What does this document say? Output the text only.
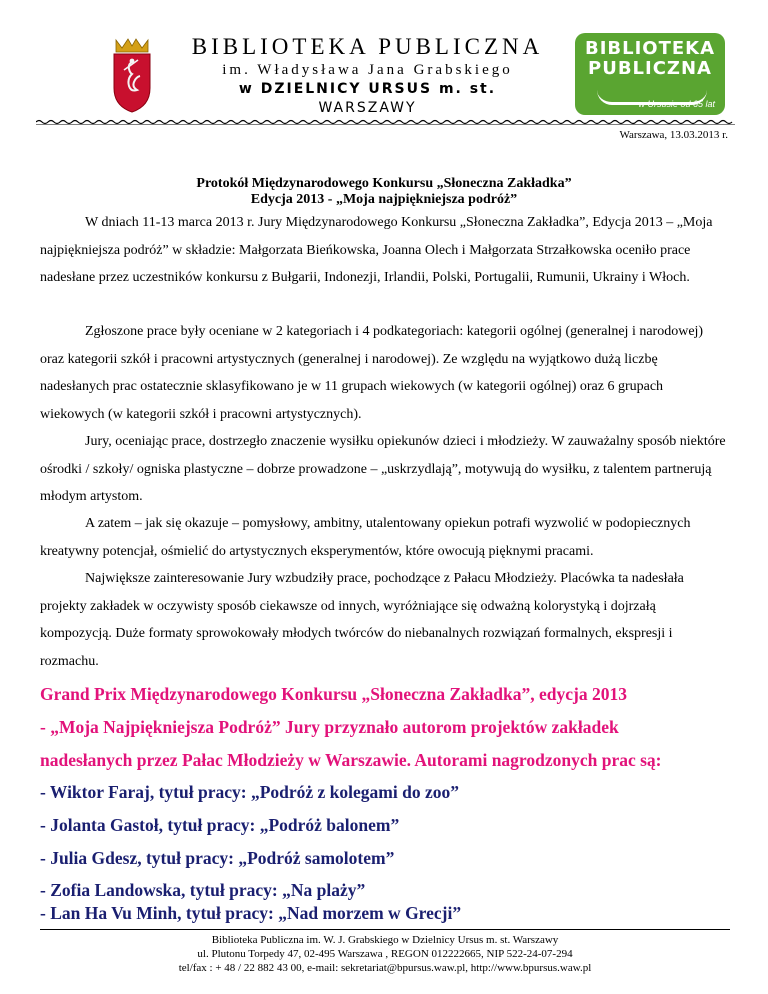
BIBLIOTEKA PUBLICZNA
im. Władysława Jana Grabskiego
w DZIELNICY URSUS m. st.
WARSZAWY
BIBLIOTEKA
PUBLICZNA
w Ursusie od 65 lat
Warszawa, 13.03.2013 r.
Protokół Międzynarodowego Konkursu „Słoneczna Zakładka”
Edycja 2013 - „Moja najpiękniejsza podróż”

W dniach 11-13 marca 2013 r. Jury Międzynarodowego Konkursu „Słoneczna Zakładka”, Edycja 2013 – „Moja najpiękniejsza podróż” w składzie: Małgorzata Bieńkowska, Joanna Olech i Małgorzata Strzałkowska oceniło prace nadesłane przez uczestników konkursu z Bułgarii, Indonezji, Irlandii, Polski, Portugalii, Rumunii, Ukrainy i Włoch.

Zgłoszone prace były oceniane w 2 kategoriach i 4 podkategoriach: kategorii ogólnej (generalnej i narodowej) oraz kategorii szkół i pracowni artystycznych (generalnej i narodowej). Ze względu na wyjątkowo dużą liczbę nadesłanych prac ostatecznie sklasyfikowano je w 11 grupach wiekowych (w kategorii ogólnej) oraz 6 grupach wiekowych (w kategorii szkół i pracowni artystycznych).

Jury, oceniając prace, dostrzegło znaczenie wysiłku opiekunów dzieci i młodzieży. W zauważalny sposób niektóre ośrodki / szkoły/ ogniska plastyczne – dobrze prowadzone – „uskrzydlają”, motywują do wysiłku, z talentem partnerują młodym artystom.

A zatem – jak się okazuje – pomysłowy, ambitny, utalentowany opiekun potrafi wyzwolić w podopiecznych kreatywny potencjał, ośmielić do artystycznych eksperymentów, które owocują pięknymi pracami.

Największe zainteresowanie Jury wzbudziły prace, pochodzące z Pałacu Młodzieży. Placówka ta nadesłała projekty zakładek w oczywisty sposób ciekawsze od innych, wyróżniające się odważną kolorystyką i dojrzałą kompozycją. Duże formaty sprowokowały młodych twórców do niebanalnych rozwiązań formalnych, ekspresji i rozmachu.

Grand Prix Międzynarodowego Konkursu „Słoneczna Zakładka”, edycja 2013
- „Moja Najpiękniejsza Podróż” Jury przyznało autorom projektów zakładek
nadesłanych przez Pałac Młodzieży w Warszawie. Autorami nagrodzonych prac są:
- Wiktor Faraj, tytuł pracy: „Podróż z kolegami do zoo”
- Jolanta Gastoł, tytuł pracy: „Podróż balonem”
- Julia Gdesz, tytuł pracy: „Podróż samolotem”
- Zofia Landowska, tytuł pracy: „Na plaży”
- Lan Ha Vu Minh, tytuł pracy: „Nad morzem w Grecji”
Biblioteka Publiczna im. W. J. Grabskiego w Dzielnicy Ursus m. st. Warszawy
ul. Plutonu Torpedy 47, 02-495 Warszawa , REGON 012222665, NIP 522-24-07-294
tel/fax : + 48 / 22 882 43 00, e-mail: sekretariat@bpursus.waw.pl, http://www.bpursus.waw.pl
